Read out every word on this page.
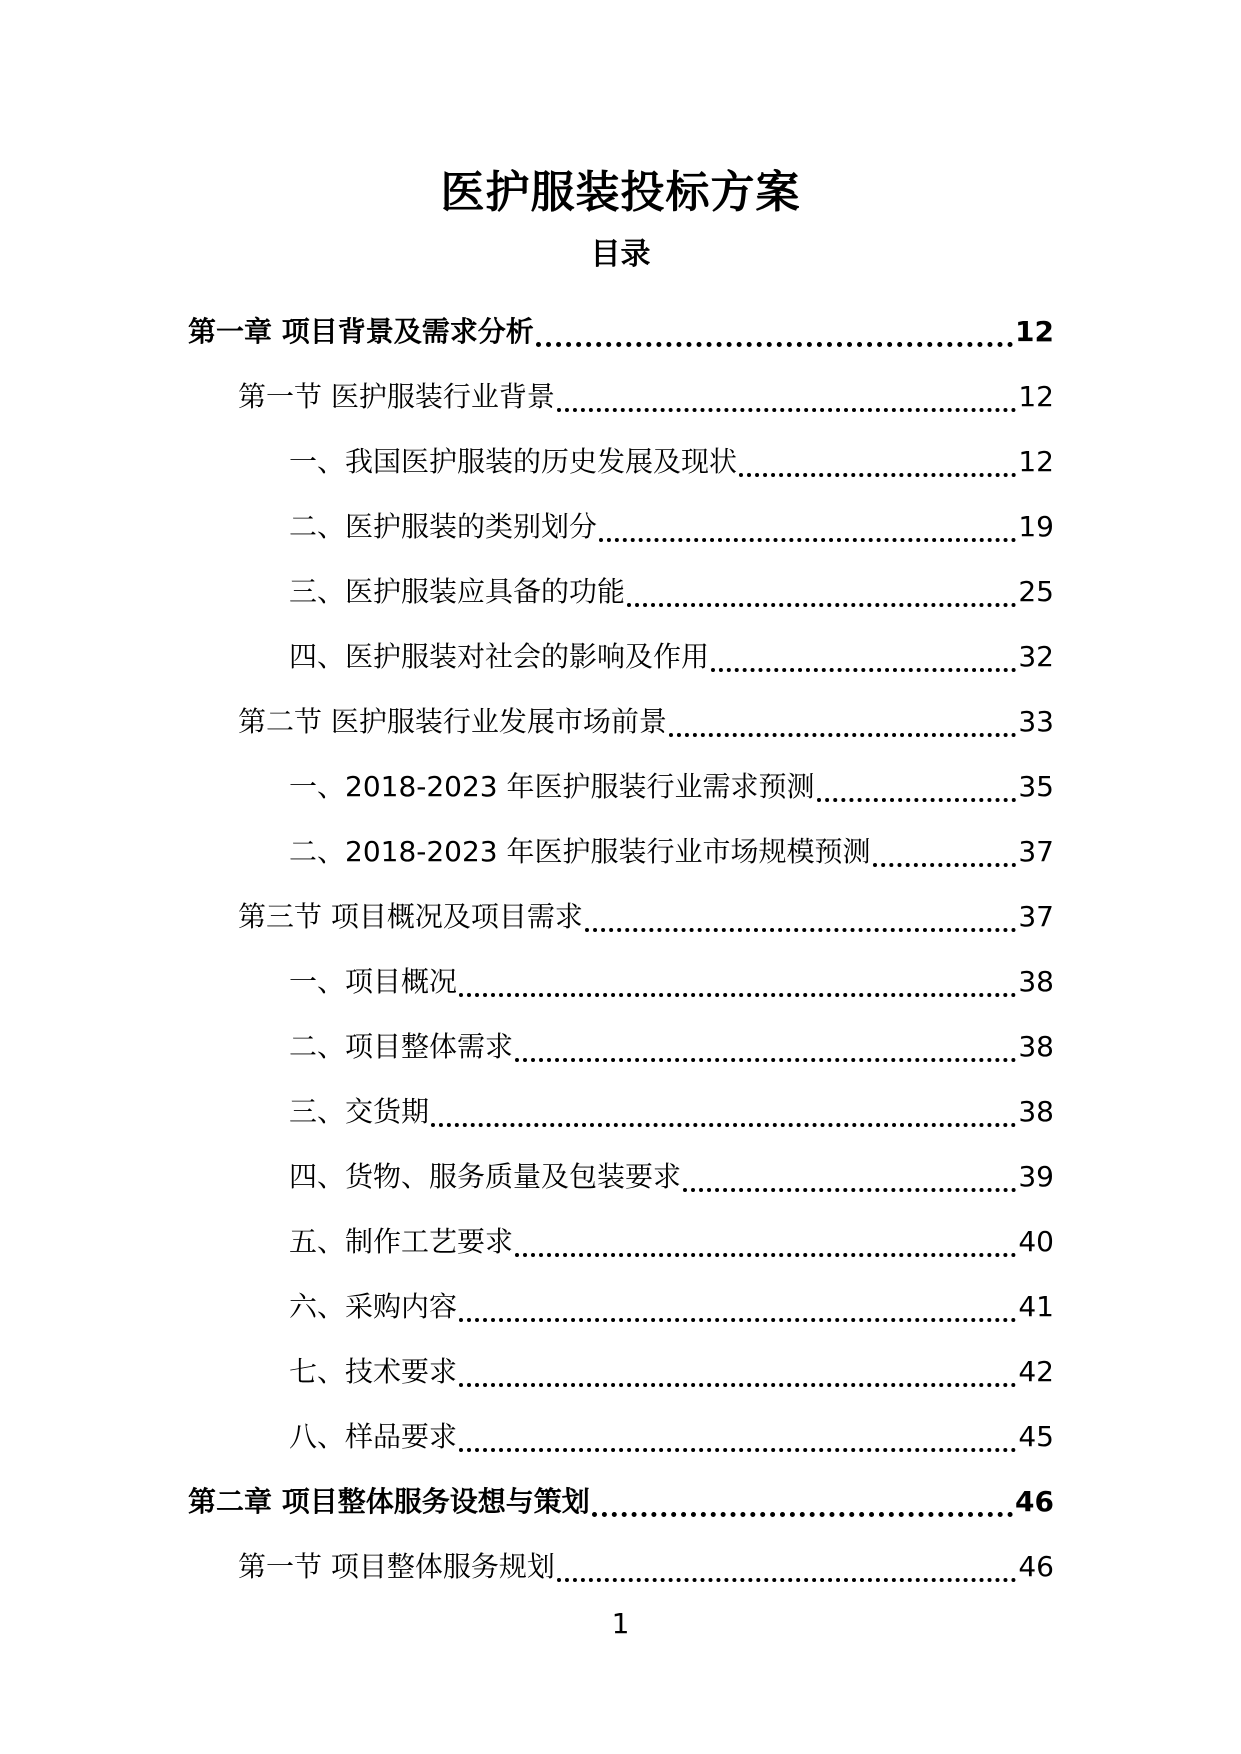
医护服装投标方案
目录
第一章 项目背景及需求分析	12
第一节 医护服装行业背景	12
一、我国医护服装的历史发展及现状	12
二、医护服装的类别划分	19
三、医护服装应具备的功能	25
四、医护服装对社会的影响及作用	32
第二节 医护服装行业发展市场前景	33
一、2018-2023 年医护服装行业需求预测	35
二、2018-2023 年医护服装行业市场规模预测	37
第三节 项目概况及项目需求	37
一、项目概况	38
二、项目整体需求	38
三、交货期	38
四、货物、服务质量及包装要求	39
五、制作工艺要求	40
六、采购内容	41
七、技术要求	42
八、样品要求	45
第二章 项目整体服务设想与策划	46
第一节 项目整体服务规划	46
1
